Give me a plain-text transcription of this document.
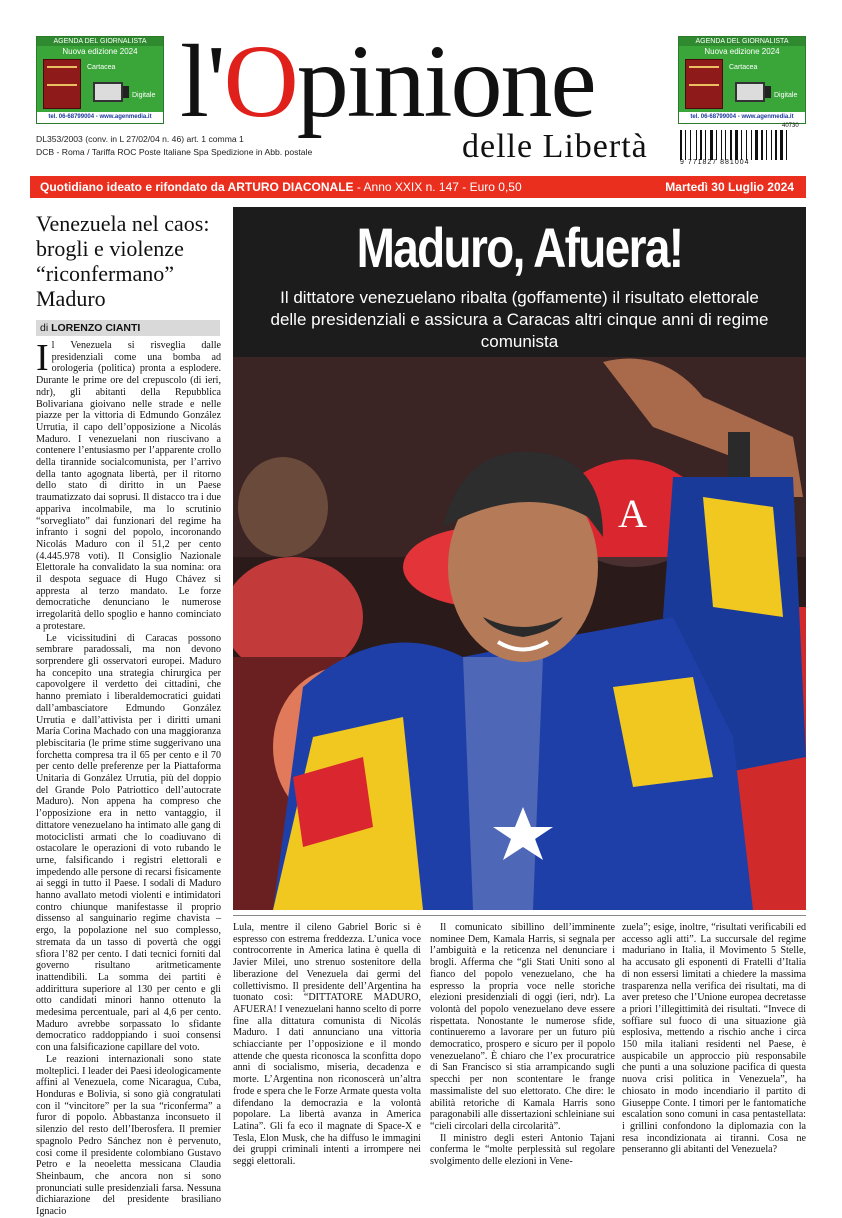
AGENDA DEL GIORNALISTA
Nuova edizione 2024
Cartacea
Digitale
tel. 06-68799004 - www.agenmedia.it
AGENDA DEL GIORNALISTA
Nuova edizione 2024
Cartacea
Digitale
tel. 06-68799004 - www.agenmedia.it
l'Opinione
delle Libertà
DL353/2003 (conv. in L 27/02/04 n. 46) art. 1 comma 1
DCB - Roma / Tariffa ROC Poste Italiane Spa Spedizione in Abb. postale
40730
9 771827 881004
Quotidiano ideato e rifondato da ARTURO DIACONALE - Anno XXIX n. 147 - Euro 0,50	Martedì 30 Luglio 2024
Venezuela nel caos: brogli e violenze “riconfermano” Maduro
di LORENZO CIANTI

Il Venezuela si risveglia dalle presidenziali come una bomba ad orologeria (politica) pronta a esplodere. Durante le prime ore del crepuscolo (di ieri, ndr), gli abitanti della Repubblica Bolivariana gioivano nelle strade e nelle piazze per la vittoria di Edmundo González Urrutia, il capo dell’opposizione a Nicolás Maduro. I venezuelani non riuscivano a contenere l’entusiasmo per l’apparente crollo della tirannide socialcomunista, per l’arrivo della tanto agognata libertà, per il ritorno dello stato di diritto in un Paese traumatizzato dai soprusi. Il distacco tra i due appariva incolmabile, ma lo scrutinio “sorvegliato” dai funzionari del regime ha infranto i sogni del popolo, incoronando Nicolás Maduro con il 51,2 per cento (4.445.978 voti). Il Consiglio Nazionale Elettorale ha convalidato la sua nomina: ora il despota seguace di Hugo Chávez si appresta al terzo mandato. Le forze democratiche denunciano le numerose irregolarità dello spoglio e hanno cominciato a protestare.

Le vicissitudini di Caracas possono sembrare paradossali, ma non devono sorprendere gli osservatori europei. Maduro ha concepito una strategia chirurgica per capovolgere il verdetto dei cittadini, che hanno premiato i liberaldemocratici guidati dall’ambasciatore Edmundo González Urrutia e dall’attivista per i diritti umani María Corina Machado con una maggioranza plebiscitaria (le prime stime suggerivano una forchetta compresa tra il 65 per cento e il 70 per cento delle preferenze per la Piattaforma Unitaria di González Urrutia, più del doppio del Grande Polo Patriottico dell’autocrate Maduro). Non appena ha compreso che l’opposizione era in netto vantaggio, il dittatore venezuelano ha intimato alle gang di motociclisti armati che lo coadiuvano di ostacolare le operazioni di voto rubando le urne, falsificando i registri elettorali e impedendo alle persone di recarsi fisicamente ai seggi in tutto il Paese. I sodali di Maduro hanno avallato metodi violenti e intimidatori contro chiunque manifestasse il proprio dissenso al sanguinario regime chavista – ergo, la popolazione nel suo complesso, stremata da un tasso di povertà che oggi sfiora l’82 per cento. I dati tecnici forniti dal governo risultano aritmeticamente inattendibili. La somma dei partiti è addirittura superiore al 130 per cento e gli otto candidati minori hanno ottenuto la medesima percentuale, pari al 4,6 per cento. Maduro avrebbe sorpassato lo sfidante democratico raddoppiando i suoi consensi con una falsificazione capillare del voto.

Le reazioni internazionali sono state molteplici. I leader dei Paesi ideologicamente affini al Venezuela, come Nicaragua, Cuba, Honduras e Bolivia, si sono già congratulati con il “vincitore” per la sua “riconferma” a furor di popolo. Abbastanza inconsueto il silenzio del resto dell’Iberosfera. Il premier spagnolo Pedro Sánchez non è pervenuto, così come il presidente colombiano Gustavo Petro e la neoeletta messicana Claudia Sheinbaum, che ancora non si sono pronunciati sulle presidenziali farsa. Nessuna dichiarazione del presidente brasiliano Ignacio

Maduro, Afuera!
Il dittatore venezuelano ribalta (goffamente) il risultato elettorale
delle presidenziali e assicura a Caracas altri cinque anni di regime comunista
A

Lula, mentre il cileno Gabriel Boric si è espresso con estrema freddezza. L’unica voce controcorrente in America latina è quella di Javier Milei, uno strenuo sostenitore della liberazione del Venezuela dai germi del collettivismo. Il presidente dell’Argentina ha tuonato così: “DITTATORE MADURO, AFUERA! I venezuelani hanno scelto di porre fine alla dittatura comunista di Nicolás Maduro. I dati annunciano una vittoria schiacciante per l’opposizione e il mondo attende che questa riconosca la sconfitta dopo anni di socialismo, miseria, decadenza e morte. L’Argentina non riconoscerà un’altra frode e spera che le Forze Armate questa volta difendano la democrazia e la volontà popolare. La libertà avanza in America Latina”. Gli fa eco il magnate di Space-X e Tesla, Elon Musk, che ha diffuso le immagini dei gruppi criminali intenti a irrompere nei seggi elettorali.

Il comunicato sibillino dell’imminente nominee Dem, Kamala Harris, si segnala per l’ambiguità e la reticenza nel denunciare i brogli. Afferma che “gli Stati Uniti sono al fianco del popolo venezuelano, che ha espresso la propria voce nelle storiche elezioni presidenziali di oggi (ieri, ndr). La volontà del popolo venezuelano deve essere rispettata. Nonostante le numerose sfide, continueremo a lavorare per un futuro più democratico, prospero e sicuro per il popolo venezuelano”. È chiaro che l’ex procuratrice di San Francisco si stia arrampicando sugli specchi per non scontentare le frange massimaliste del suo elettorato. Che dire: le abilità retoriche di Kamala Harris sono paragonabili alle dissertazioni schleiniane sui “cieli circolari della circolarità”.

Il ministro degli esteri Antonio Tajani conferma le “molte perplessità sul regolare svolgimento delle elezioni in Vene-

zuela”; esige, inoltre, “risultati verificabili ed accesso agli atti”. La succursale del regime maduriano in Italia, il Movimento 5 Stelle, ha accusato gli esponenti di Fratelli d’Italia di non essersi limitati a chiedere la massima trasparenza nella verifica dei risultati, ma di aver preteso che l’Unione europea decretasse a priori l’illegittimità dei risultati. “Invece di soffiare sul fuoco di una situazione già esplosiva, mettendo a rischio anche i circa 150 mila italiani residenti nel Paese, è auspicabile un approccio più responsabile che punti a una soluzione pacifica di questa nuova crisi politica in Venezuela”, ha chiosato in modo incendiario il partito di Giuseppe Conte. I timori per le fantomatiche escalation sono comuni in casa pentastellata: i grillini confondono la diplomazia con la resa incondizionata ai tiranni. Cosa ne penseranno gli abitanti del Venezuela?
